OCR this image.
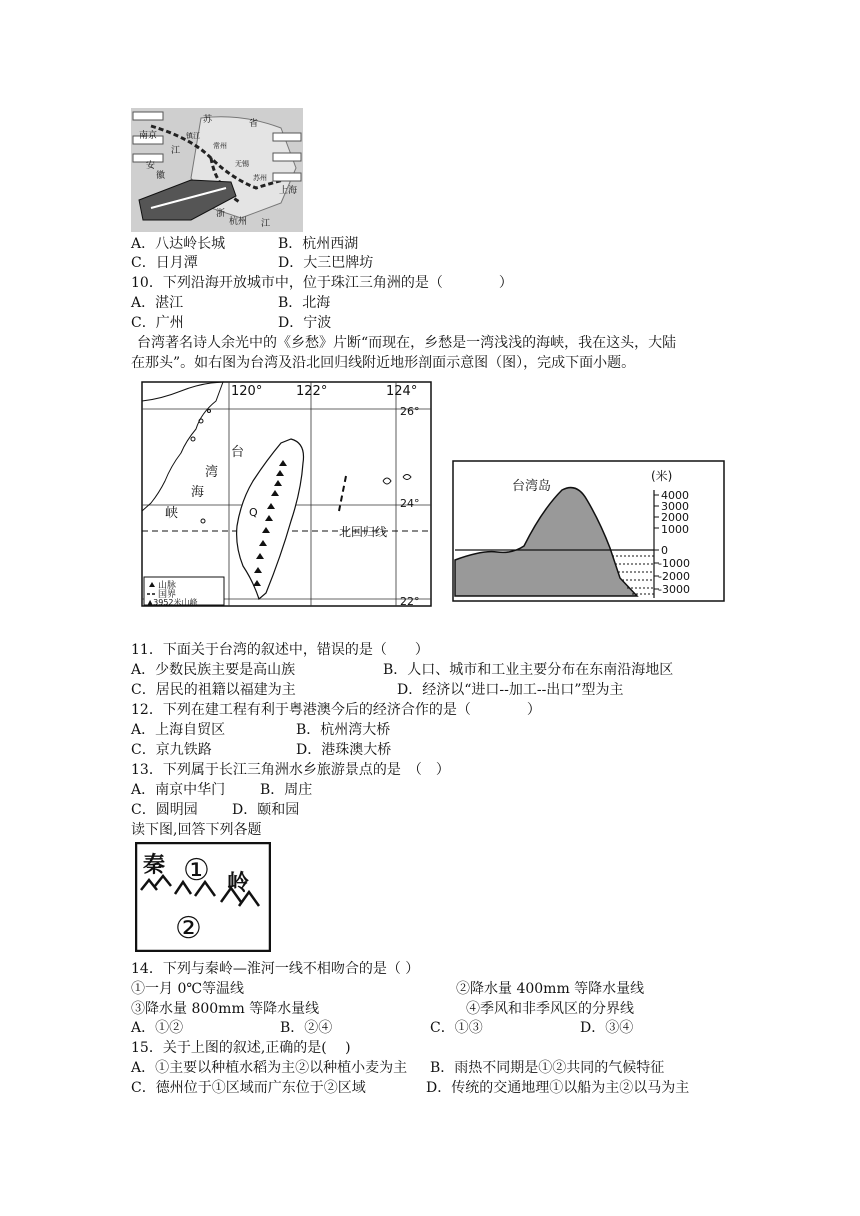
南京
江
安
徽
上海
浙
杭州 江
苏	省
无锡
苏州
常州
镇江
A．八达岭长城	B．杭州西湖
C．日月潭	D．大三巴牌坊
10．下列沿海开放城市中，位于珠江三角洲的是（　　　　）
A．湛江	B．北海
C．广州	D．宁波
台湾著名诗人余光中的《乡愁》片断“而现在，乡愁是一湾浅浅的海峡，我在这头，大陆
在那头”。如右图为台湾及沿北回归线附近地形剖面示意图（图），完成下面小题。
120°	122°	124°
26°
24°
22°
台
湾
海
峡	Q
北回归线
山脉
国界
▲3952米山峰
台湾岛
(米)
4000
3000
2000
1000
0
-1000
-2000
-3000
11．下面关于台湾的叙述中，错误的是（　　）
A．少数民族主要是高山族	B．人口、城市和工业主要分布在东南沿海地区
C．居民的祖籍以福建为主	D．经济以“进口--加工--出口”型为主
12．下列在建工程有利于粤港澳今后的经济合作的是（　　　　）
A．上海自贸区	B．杭州湾大桥
C．京九铁路	D．港珠澳大桥
13．下列属于长江三角洲水乡旅游景点的是　（　）
A．南京中华门 B．周庄
C．圆明园 D．颐和园
读下图,回答下列各题
秦
岭
①
②
14．下列与秦岭—淮河一线不相吻合的是（ ）
①一月 0℃等温线	②降水量 400mm 等降水量线
③降水量 800mm 等降水量线	④季风和非季风区的分界线
A．①②	B．②④	C．①③	D．③④
15．关于上图的叙述,正确的是(　 )
A．①主要以种植水稻为主②以种植小麦为主 B．雨热不同期是①②共同的气候特征
C．德州位于①区域而广东位于②区域	D．传统的交通地理①以船为主②以马为主
